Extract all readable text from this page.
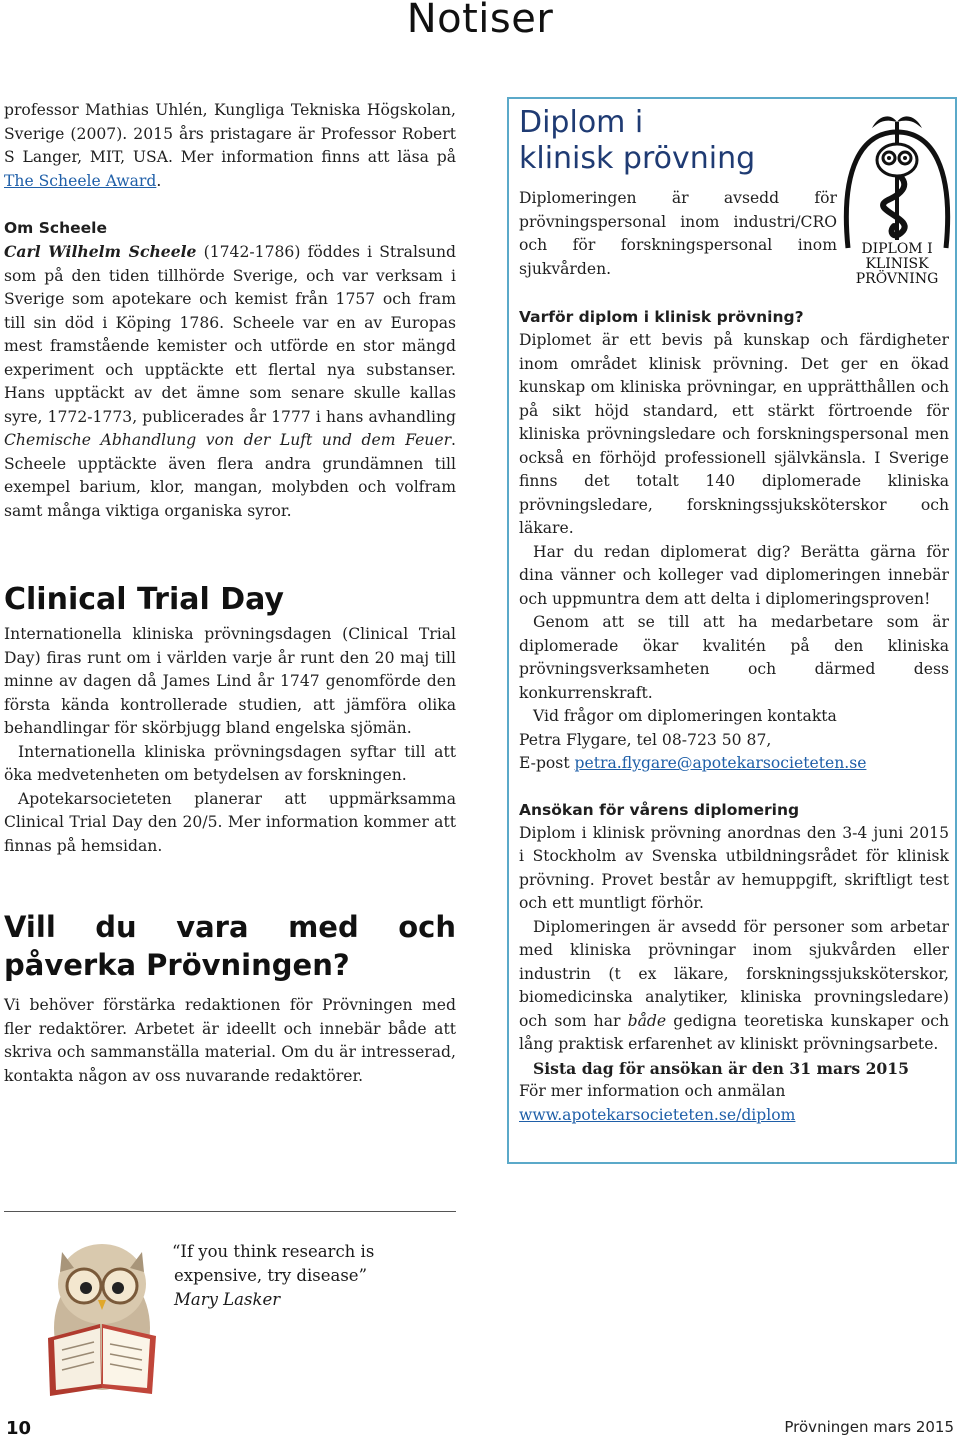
Notiser

professor Mathias Uhlén, Kungliga Tekniska Högskolan, Sverige (2007). 2015 års pristagare är Professor Robert S Langer, MIT, USA. Mer information finns att läsa på The Scheele Award.

Om Scheele

Carl Wilhelm Scheele (1742-1786) föddes i Stralsund som på den tiden tillhörde Sverige, och var verksam i Sverige som apotekare och kemist från 1757 och fram till sin död i Köping 1786. Scheele var en av Europas mest framstående kemister och utförde en stor mängd experiment och upptäckte ett flertal nya substanser. Hans upptäckt av det ämne som senare skulle kallas syre, 1772-1773, publicerades år 1777 i hans avhandling Chemische Abhandlung von der Luft und dem Feuer. Scheele upptäckte även flera andra grundämnen till exempel barium, klor, mangan, molybden och volfram samt många viktiga organiska syror.

Clinical Trial Day

Internationella kliniska prövningsdagen (Clinical Trial Day) firas runt om i världen varje år runt den 20 maj till minne av dagen då James Lind år 1747 genomförde den första kända kontrollerade studien, att jämföra olika behandlingar för skörbjugg bland engelska sjömän.

Internationella kliniska prövningsdagen syftar till att öka medvetenheten om betydelsen av forskningen.

Apotekarsocieteten planerar att uppmärksamma Clinical Trial Day den 20/5. Mer information kommer att finnas på hemsidan.

Vill du vara med och påverka Prövningen?

Vi behöver förstärka redaktionen för Prövningen med fler redaktörer. Arbetet är ideellt och innebär både att skriva och sammanställa material. Om du är intresserad, kontakta någon av oss nuvarande redaktörer.

Diplom i

klinisk prövning

Diplomeringen är avsedd för prövningspersonal inom industri/CRO och för forskningspersonal inom sjukvården.

Varför diplom i klinisk prövning?

Diplomet är ett bevis på kunskap och färdigheter inom området klinisk prövning. Det ger en ökad kunskap om kliniska prövningar, en upprätthållen och på sikt höjd standard, ett stärkt förtroende för kliniska prövningsledare och forskningspersonal men också en förhöjd professionell självkänsla. I Sverige finns det totalt 140 diplomerade kliniska prövningsledare, forskningssjuksköterskor och läkare.

Har du redan diplomerat dig? Berätta gärna för dina vänner och kolleger vad diplomeringen innebär och uppmuntra dem att delta i diplomeringsproven!

Genom att se till att ha medarbetare som är diplomerade ökar kvalitén på den kliniska prövningsverksamheten och därmed dess konkurrenskraft.

Vid frågor om diplomeringen kontakta

Petra Flygare, tel 08-723 50 87,

E-post petra.flygare@apotekarsocieteten.se

Ansökan för vårens diplomering

Diplom i klinisk prövning anordnas den 3-4 juni 2015 i Stockholm av Svenska utbildningsrådet för klinisk prövning. Provet består av hemuppgift, skriftligt test och ett muntligt förhör.

Diplomeringen är avsedd för personer som arbetar med kliniska prövningar inom sjukvården eller industrin (t ex läkare, forskningssjuksköterskor, biomedicinska analytiker, kliniska provningsledare) och som har både gedigna teoretiska kunskaper och lång praktisk erfarenhet av kliniskt prövningsarbete.

Sista dag för ansökan är den 31 mars 2015

För mer information och anmälan

www.apotekarsocieteten.se/diplom

DIPLOM I
KLINISK
PRÖVNING
“If you think research is
expensive, try disease”
Mary Lasker
10	Prövningen mars 2015
